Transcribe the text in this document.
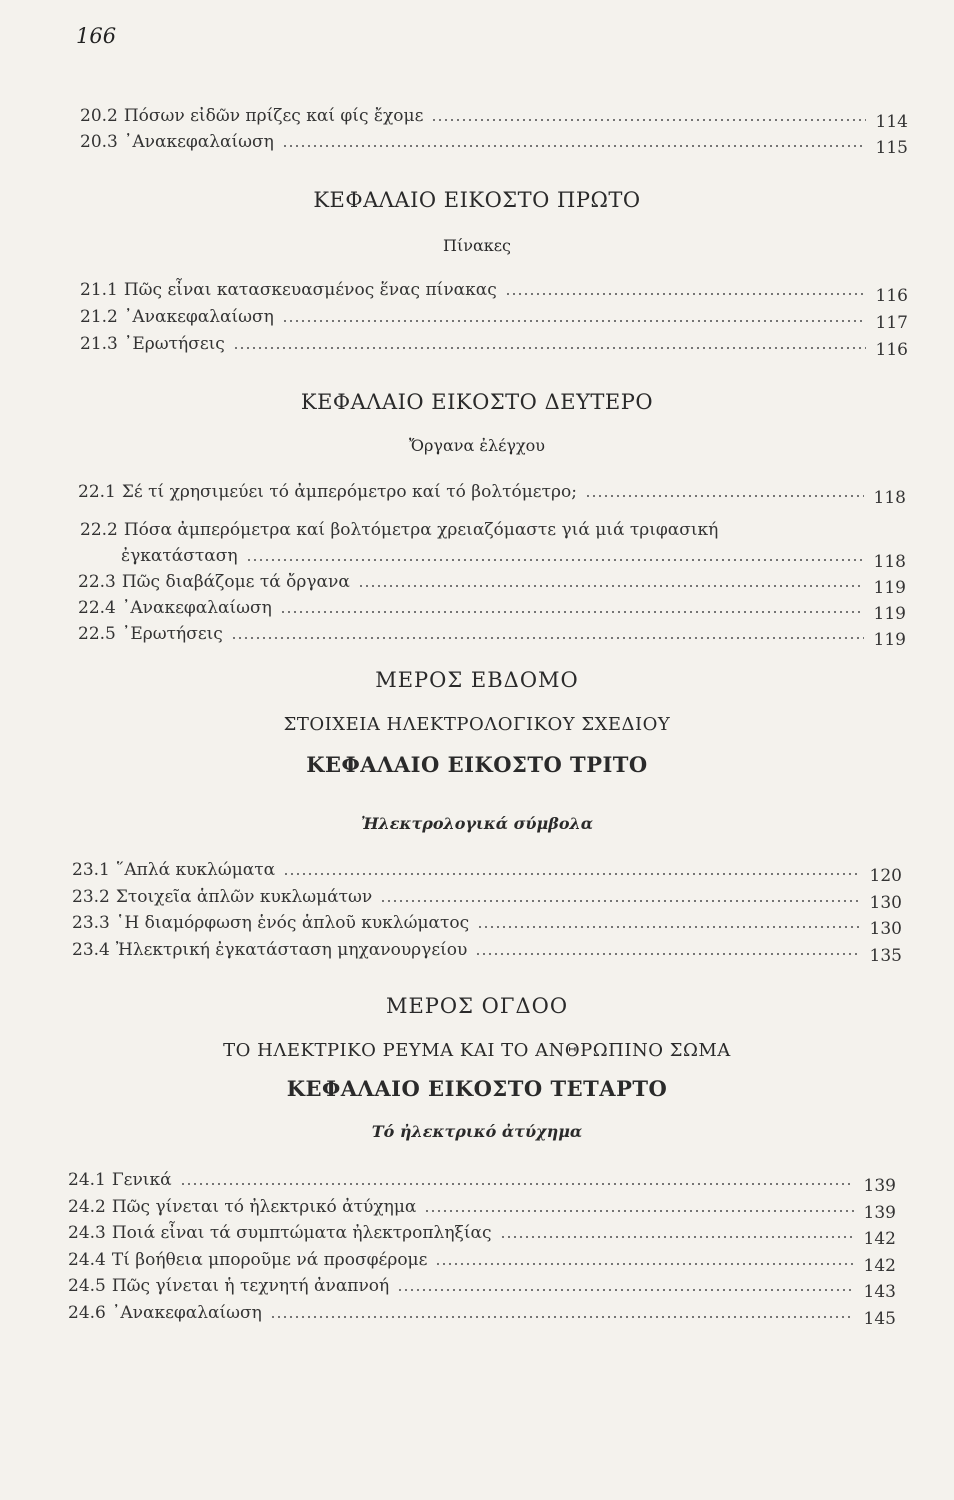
166
20.2 Πόσων εἰδῶν πρίζες καί φίς ἔχομε	114
20.3 ᾿Ανακεφαλαίωση	115
ΚΕΦΑΛΑΙΟ ΕΙΚΟΣΤΟ ΠΡΩΤΟ
Πίνακες
21.1 Πῶς εἶναι κατασκευασμένος ἕνας πίνακας	116
21.2 ᾿Ανακεφαλαίωση	117
21.3 ᾿Ερωτήσεις	116
ΚΕΦΑΛΑΙΟ ΕΙΚΟΣΤΟ ΔΕΥΤΕΡΟ
Ὄργανα ἐλέγχου
22.1 Σέ τί χρησιμεύει τό ἀμπερόμετρο καί τό βολτόμετρο;	118
22.2 Πόσα ἀμπερόμετρα καί βολτόμετρα χρειαζόμαστε γιά μιά τριφασική
ἐγκατάσταση	118
22.3 Πῶς διαβάζομε τά ὄργανα	119
22.4 ᾿Ανακεφαλαίωση	119
22.5 ᾿Ερωτήσεις	119
ΜΕΡΟΣ ΕΒΔΟΜΟ
ΣΤΟΙΧΕΙΑ ΗΛΕΚΤΡΟΛΟΓΙΚΟΥ ΣΧΕΔΙΟΥ
ΚΕΦΑΛΑΙΟ ΕΙΚΟΣΤΟ ΤΡΙΤΟ
Ἠλεκτρολογικά σύμβολα
23.1 ῞Απλά κυκλώματα	120
23.2 Στοιχεῖα ἁπλῶν κυκλωμάτων	130
23.3 ῾Η διαμόρφωση ἑνός ἁπλοῦ κυκλώματος	130
23.4 Ἠλεκτρική ἐγκατάσταση μηχανουργείου	135
ΜΕΡΟΣ ΟΓΔΟΟ
ΤΟ ΗΛΕΚΤΡΙΚΟ ΡΕΥΜΑ ΚΑΙ ΤΟ ΑΝΘΡΩΠΙΝΟ ΣΩΜΑ
ΚΕΦΑΛΑΙΟ ΕΙΚΟΣΤΟ ΤΕΤΑΡΤΟ
Τό ἠλεκτρικό ἀτύχημα
24.1 Γενικά	139
24.2 Πῶς γίνεται τό ἠλεκτρικό ἀτύχημα	139
24.3 Ποιά εἶναι τά συμπτώματα ἠλεκτροπληξίας	142
24.4 Τί βοήθεια μποροῦμε νά προσφέρομε	142
24.5 Πῶς γίνεται ἡ τεχνητή ἀναπνοή	143
24.6 ᾿Ανακεφαλαίωση	145
